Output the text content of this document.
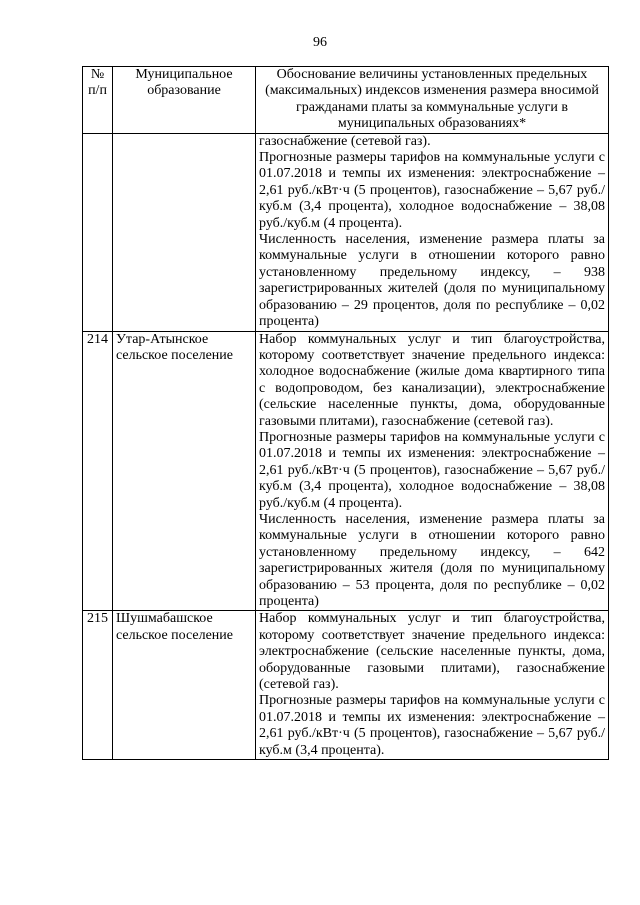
96
№ п/п	Муниципальное образование	Обоснование величины установленных предельных (максимальных) индексов изменения размера вносимой гражданами платы за коммунальные услуги в муниципальных образованиях*

		газоснабжение (сетевой газ).
Прогнозные размеры тарифов на коммунальные услуги с 01.07.2018 и темпы их изменения: электроснабжение – 2,61 руб./кВт·ч (5 процентов), газоснабжение – 5,67 руб./куб.м (3,4 процента), холодное водоснабжение – 38,08 руб./куб.м (4 процента).
Численность населения, изменение размера платы за коммунальные услуги в отношении которого равно установленному предельному индексу, – 938 зарегистрированных жителей (доля по муниципальному образованию – 29 процентов, доля по республике – 0,02 процента)

214	Утар-Атынское сельское поселение	Набор коммунальных услуг и тип благоустройства, которому соответствует значение предельного индекса: холодное водоснабжение (жилые дома квартирного типа с водопроводом, без канализации), электроснабжение (сельские населенные пункты, дома, оборудованные газовыми плитами), газоснабжение (сетевой газ).
Прогнозные размеры тарифов на коммунальные услуги с 01.07.2018 и темпы их изменения: электроснабжение – 2,61 руб./кВт·ч (5 процентов), газоснабжение – 5,67 руб./куб.м (3,4 процента), холодное водоснабжение – 38,08 руб./куб.м (4 процента).
Численность населения, изменение размера платы за коммунальные услуги в отношении которого равно установленному предельному индексу, – 642 зарегистрированных жителя (доля по муниципальному образованию – 53 процента, доля по республике – 0,02 процента)

215	Шушмабашское сельское поселение	Набор коммунальных услуг и тип благоустройства, которому соответствует значение предельного индекса: электроснабжение (сельские населенные пункты, дома, оборудованные газовыми плитами), газоснабжение (сетевой газ).
Прогнозные размеры тарифов на коммунальные услуги с 01.07.2018 и темпы их изменения: электроснабжение – 2,61 руб./кВт·ч (5 процентов), газоснабжение – 5,67 руб./куб.м (3,4 процента).
